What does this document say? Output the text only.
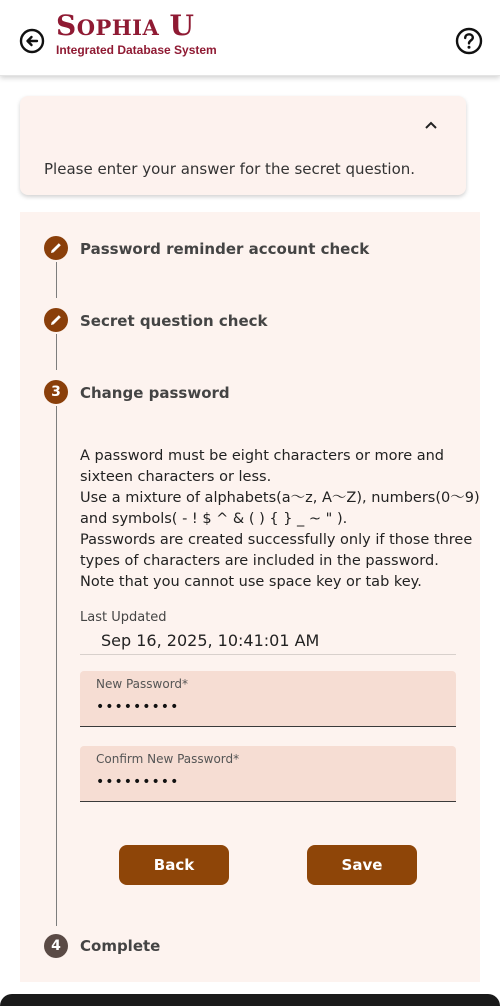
SOPHIA U
Integrated Database System
Please enter your answer for the secret question.
Password reminder account check
Secret question check
3	Change password

A password must be eight characters or more and

sixteen characters or less.

Use a mixture of alphabets(a～z, A～Z), numbers(0～9)

and symbols( - ! $ ^ & ( ) { } _ ~ " ).

Passwords are created successfully only if those three

types of characters are included in the password.

Note that you cannot use space key or tab key.

Last Updated
Sep 16, 2025, 10:41:01 AM
New Password*
•••••••••
Confirm New Password*
•••••••••
Back	Save
4	Complete
